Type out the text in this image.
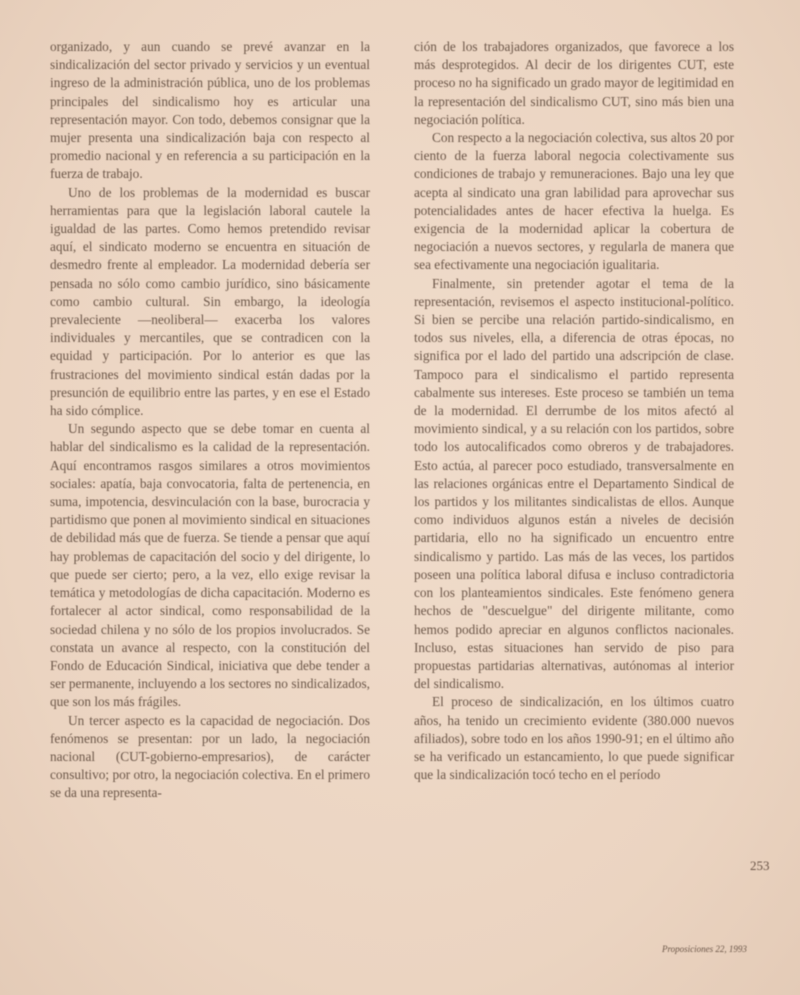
organizado, y aun cuando se prevé avanzar en la sindicalización del sector privado y servicios y un eventual ingreso de la administración pública, uno de los problemas principales del sindicalismo hoy es articular una representación mayor. Con todo, debemos consignar que la mujer presenta una sindicalización baja con respecto al promedio nacional y en referencia a su participación en la fuerza de trabajo.

Uno de los problemas de la modernidad es buscar herramientas para que la legislación laboral cautele la igualdad de las partes. Como hemos pretendido revisar aquí, el sindicato moderno se encuentra en situación de desmedro frente al empleador. La modernidad debería ser pensada no sólo como cambio jurídico, sino básicamente como cambio cultural. Sin embargo, la ideología prevaleciente —neoliberal— exacerba los valores individuales y mercantiles, que se contradicen con la equidad y participación. Por lo anterior es que las frustraciones del movimiento sindical están dadas por la presunción de equilibrio entre las partes, y en ese el Estado ha sido cómplice.

Un segundo aspecto que se debe tomar en cuenta al hablar del sindicalismo es la calidad de la representación. Aquí encontramos rasgos similares a otros movimientos sociales: apatía, baja convocatoria, falta de pertenencia, en suma, impotencia, desvinculación con la base, burocracia y partidismo que ponen al movimiento sindical en situaciones de debilidad más que de fuerza. Se tiende a pensar que aquí hay problemas de capacitación del socio y del dirigente, lo que puede ser cierto; pero, a la vez, ello exige revisar la temática y metodologías de dicha capacitación. Moderno es fortalecer al actor sindical, como responsabilidad de la sociedad chilena y no sólo de los propios involucrados. Se constata un avance al respecto, con la constitución del Fondo de Educación Sindical, iniciativa que debe tender a ser permanente, incluyendo a los sectores no sindicalizados, que son los más frágiles.

Un tercer aspecto es la capacidad de negociación. Dos fenómenos se presentan: por un lado, la negociación nacional (CUT-gobierno-empresarios), de carácter consultivo; por otro, la negociación colectiva. En el primero se da una representa-

ción de los trabajadores organizados, que favorece a los más desprotegidos. Al decir de los dirigentes CUT, este proceso no ha significado un grado mayor de legitimidad en la representación del sindicalismo CUT, sino más bien una negociación política.

Con respecto a la negociación colectiva, sus altos 20 por ciento de la fuerza laboral negocia colectivamente sus condiciones de trabajo y remuneraciones. Bajo una ley que acepta al sindicato una gran labilidad para aprovechar sus potencialidades antes de hacer efectiva la huelga. Es exigencia de la modernidad aplicar la cobertura de negociación a nuevos sectores, y regularla de manera que sea efectivamente una negociación igualitaria.

Finalmente, sin pretender agotar el tema de la representación, revisemos el aspecto institucional-político. Si bien se percibe una relación partido-sindicalismo, en todos sus niveles, ella, a diferencia de otras épocas, no significa por el lado del partido una adscripción de clase. Tampoco para el sindicalismo el partido representa cabalmente sus intereses. Este proceso se también un tema de la modernidad. El derrumbe de los mitos afectó al movimiento sindical, y a su relación con los partidos, sobre todo los autocalificados como obreros y de trabajadores. Esto actúa, al parecer poco estudiado, transversalmente en las relaciones orgánicas entre el Departamento Sindical de los partidos y los militantes sindicalistas de ellos. Aunque como individuos algunos están a niveles de decisión partidaria, ello no ha significado un encuentro entre sindicalismo y partido. Las más de las veces, los partidos poseen una política laboral difusa e incluso contradictoria con los planteamientos sindicales. Este fenómeno genera hechos de "descuelgue" del dirigente militante, como hemos podido apreciar en algunos conflictos nacionales. Incluso, estas situaciones han servido de piso para propuestas partidarias alternativas, autónomas al interior del sindicalismo.

El proceso de sindicalización, en los últimos cuatro años, ha tenido un crecimiento evidente (380.000 nuevos afiliados), sobre todo en los años 1990-91; en el último año se ha verificado un estancamiento, lo que puede significar que la sindicalización tocó techo en el período

253
Proposiciones 22, 1993
